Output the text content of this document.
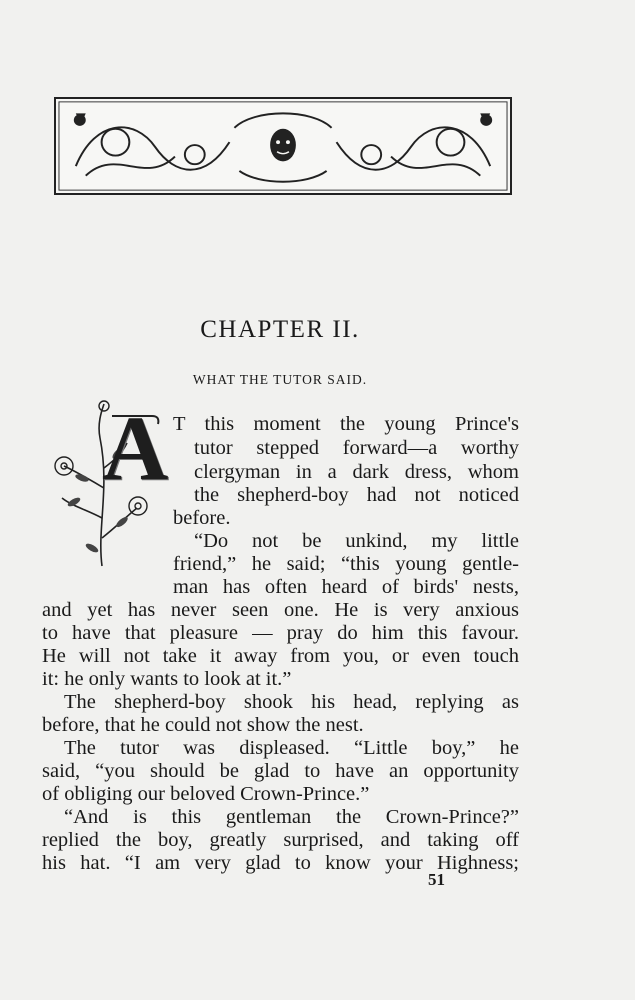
CHAPTER II.
WHAT THE TUTOR SAID.
A T this moment the young Prince's
tutor stepped forward—a worthy
clergyman in a dark dress, whom
the shepherd-boy had not noticed
before.
“Do not be unkind, my little
friend,” he said; “this young gentle-
man has often heard of birds' nests,
and yet has never seen one. He is very anxious
to have that pleasure — pray do him this favour.
He will not take it away from you, or even touch
it: he only wants to look at it.”
The shepherd-boy shook his head, replying as
before, that he could not show the nest.
The tutor was displeased. “Little boy,” he
said, “you should be glad to have an opportunity
of obliging our beloved Crown-Prince.”
“And is this gentleman the Crown-Prince?”
replied the boy, greatly surprised, and taking off
his hat. “I am very glad to know your Highness;
51
